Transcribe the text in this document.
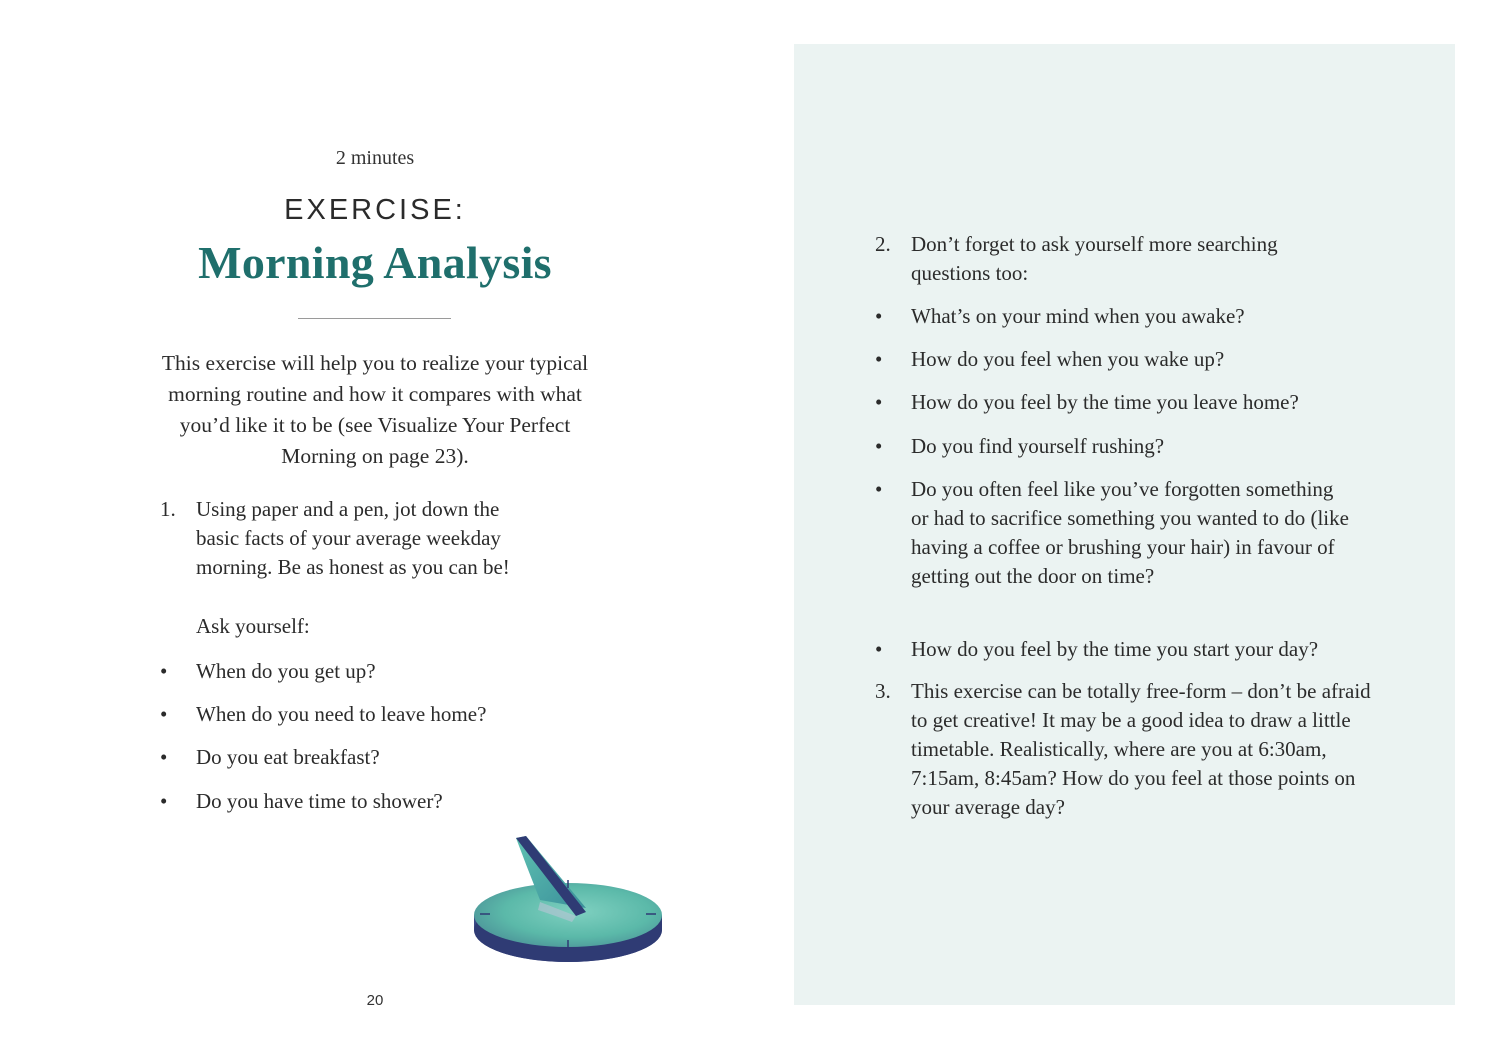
2 minutes
EXERCISE:
Morning Analysis
This exercise will help you to realize your typical morning routine and how it compares with what you’d like it to be (see Visualize Your Perfect Morning on page 23).
1. Using paper and a pen, jot down the basic facts of your average weekday morning. Be as honest as you can be!
Ask yourself:
• When do you get up?
• When do you need to leave home?
• Do you eat breakfast?
• Do you have time to shower?
20
2. Don’t forget to ask yourself more searching questions too:
• What’s on your mind when you awake?
• How do you feel when you wake up?
• How do you feel by the time you leave home?
• Do you find yourself rushing?
• Do you often feel like you’ve forgotten something or had to sacrifice something you wanted to do (like having a coffee or brushing your hair) in favour of getting out the door on time?
• How do you feel by the time you start your day?
3. This exercise can be totally free-form – don’t be afraid to get creative! It may be a good idea to draw a little timetable. Realistically, where are you at 6:30am, 7:15am, 8:45am? How do you feel at those points on your average day?
